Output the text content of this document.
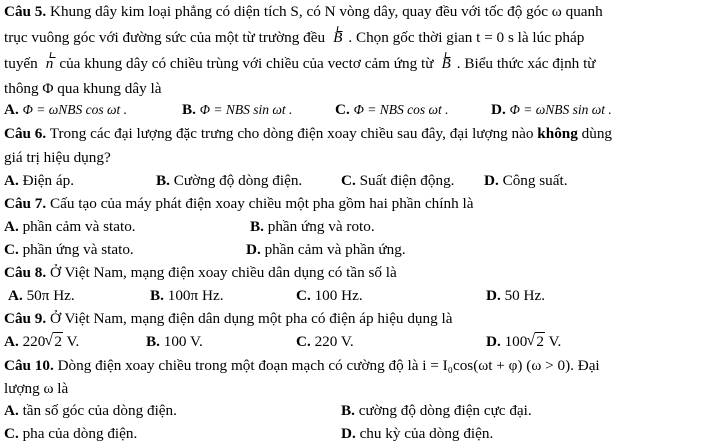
Câu 5. Khung dây kim loại phẳng có diện tích S, có N vòng dây, quay đều với tốc độ góc ω quanh
trục vuông góc với đường sức của một từ trường đều B . Chọn gốc thời gian t = 0 s là lúc pháp
tuyến n của khung dây có chiều trùng với chiều của vectơ cảm ứng từ B . Biểu thức xác định từ
thông Φ qua khung dây là
A. Φ = ωNBS cos ωt .	B. Φ = NBS sin ωt .	C. Φ = NBS cos ωt .	D. Φ = ωNBS sin ωt .
Câu 6. Trong các đại lượng đặc trưng cho dòng điện xoay chiều sau đây, đại lượng nào không dùng
giá trị hiệu dụng?
A. Điện áp.	B. Cường độ dòng điện.	C. Suất điện động. D. Công suất.
Câu 7. Cấu tạo của máy phát điện xoay chiều một pha gồm hai phần chính là
A. phần cảm và stato.	B. phần ứng và roto.
C. phần ứng và stato.	D. phần cảm và phần ứng.
Câu 8. Ở Việt Nam, mạng điện xoay chiều dân dụng có tần số là
A. 50π Hz.	B. 100π Hz.	C. 100 Hz.	D. 50 Hz.
Câu 9. Ở Việt Nam, mạng điện dân dụng một pha có điện áp hiệu dụng là
A. 220 √ 2 V.	B. 100 V.	C. 220 V.	D. 100 √ 2 V.
Câu 10. Dòng điện xoay chiều trong một đoạn mạch có cường độ là i = I₀cos(ωt + φ) (ω > 0). Đại
lượng ω là
A. tần số góc của dòng điện.	B. cường độ dòng điện cực đại.
C. pha của dòng điện.	D. chu kỳ của dòng điện.
